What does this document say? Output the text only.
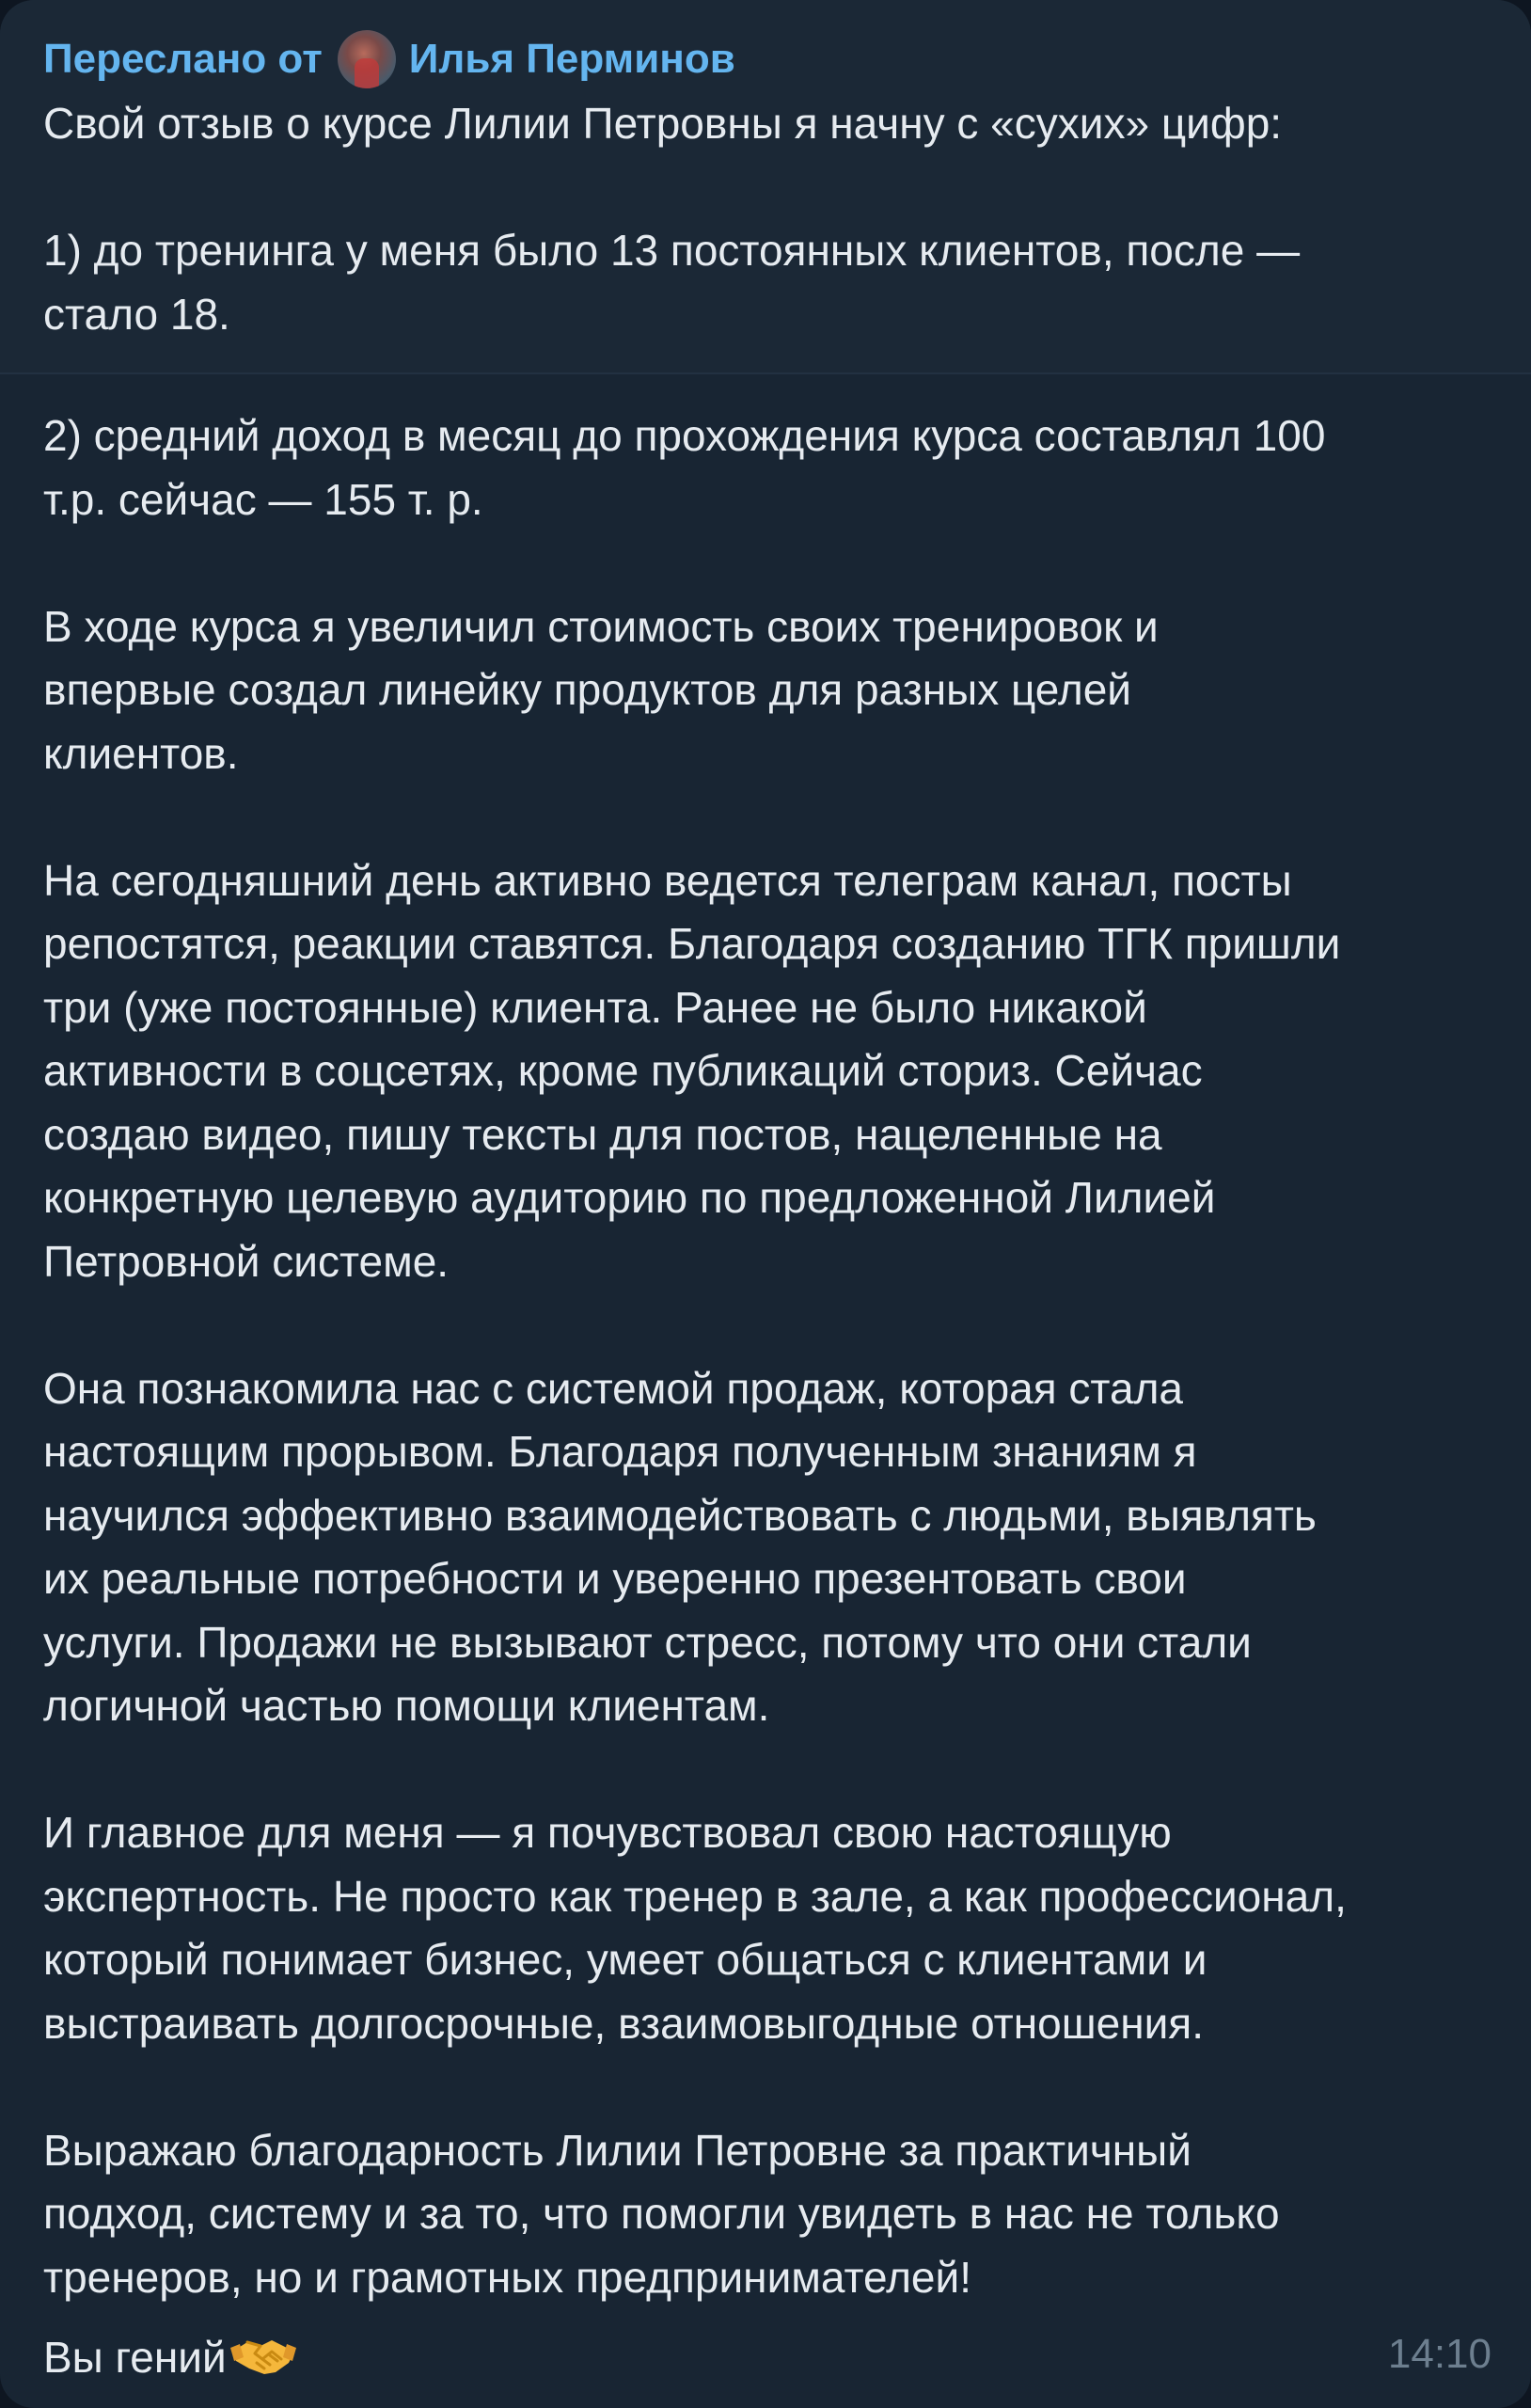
Переслано от Илья Перминов
Свой отзыв о курсе Лилии Петровны я начну с «сухих» цифр:
1) до тренинга у меня было 13 постоянных клиентов, после —
стало 18.
2) средний доход в месяц до прохождения курса составлял 100
т.р. сейчас — 155 т. р.
В ходе курса я увеличил стоимость своих тренировок и
впервые создал линейку продуктов для разных целей
клиентов.
На сегодняшний день активно ведется телеграм канал, посты
репостятся, реакции ставятся. Благодаря созданию ТГК пришли
три (уже постоянные) клиента. Ранее не было никакой
активности в соцсетях, кроме публикаций сториз. Сейчас
создаю видео, пишу тексты для постов, нацеленные на
конкретную целевую аудиторию по предложенной Лилией
Петровной системе.
Она познакомила нас с системой продаж, которая стала
настоящим прорывом. Благодаря полученным знаниям я
научился эффективно взаимодействовать с людьми, выявлять
их реальные потребности и уверенно презентовать свои
услуги. Продажи не вызывают стресс, потому что они стали
логичной частью помощи клиентам.
И главное для меня — я почувствовал свою настоящую
экспертность. Не просто как тренер в зале, а как профессионал,
который понимает бизнес, умеет общаться с клиентами и
выстраивать долгосрочные, взаимовыгодные отношения.
Выражаю благодарность Лилии Петровне за практичный
подход, систему и за то, что помогли увидеть в нас не только
тренеров, но и грамотных предпринимателей!
Вы гений	14:10
